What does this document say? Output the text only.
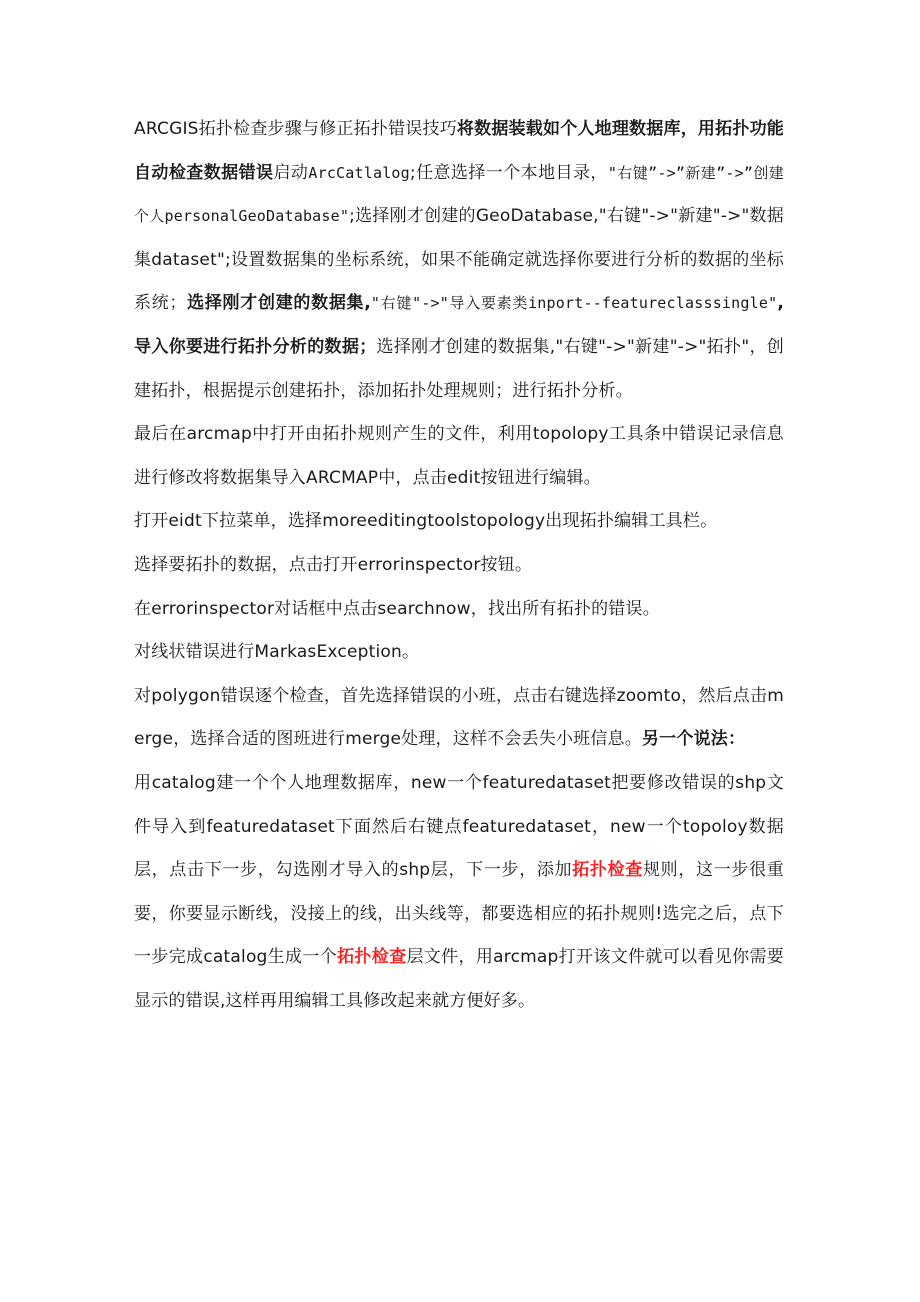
ARCGIS拓扑检查步骤与修正拓扑错误技巧将数据装载如个人地理数据库，用拓扑功能自动检查数据错误启动ArcCatlalog;任意选择一个本地目录，"右键”->”新建”->”创建个人personalGeoDatabase";选择刚才创建的GeoDatabase,"右键"->"新建"->"数据集dataset";设置数据集的坐标系统，如果不能确定就选择你要进行分析的数据的坐标系统；选择刚才创建的数据集,"右键"->"导入要素类inport--featureclasssingle",导入你要进行拓扑分析的数据；选择刚才创建的数据集,"右键"->"新建"->"拓扑"，创建拓扑，根据提示创建拓扑，添加拓扑处理规则；进行拓扑分析。

最后在arcmap中打开由拓扑规则产生的文件，利用topolopy工具条中错误记录信息进行修改将数据集导入ARCMAP中，点击edit按钮进行编辑。

打开eidt下拉菜单，选择moreeditingtoolstopology出现拓扑编辑工具栏。

选择要拓扑的数据，点击打开errorinspector按钮。

在errorinspector对话框中点击searchnow，找出所有拓扑的错误。

对线状错误进行MarkasException。

对polygon错误逐个检查，首先选择错误的小班，点击右键选择zoomto，然后点击merge，选择合适的图班进行merge处理，这样不会丢失小班信息。另一个说法：

用catalog建一个个人地理数据库，new一个featuredataset把要修改错误的shp文件导入到featuredataset下面然后右键点featuredataset，new一个topoloy数据层，点击下一步，勾选刚才导入的shp层，下一步，添加拓扑检查规则，这一步很重要，你要显示断线，没接上的线，出头线等，都要选相应的拓扑规则!选完之后，点下一步完成catalog生成一个拓扑检查层文件，用arcmap打开该文件就可以看见你需要显示的错误,这样再用编辑工具修改起来就方便好多。
